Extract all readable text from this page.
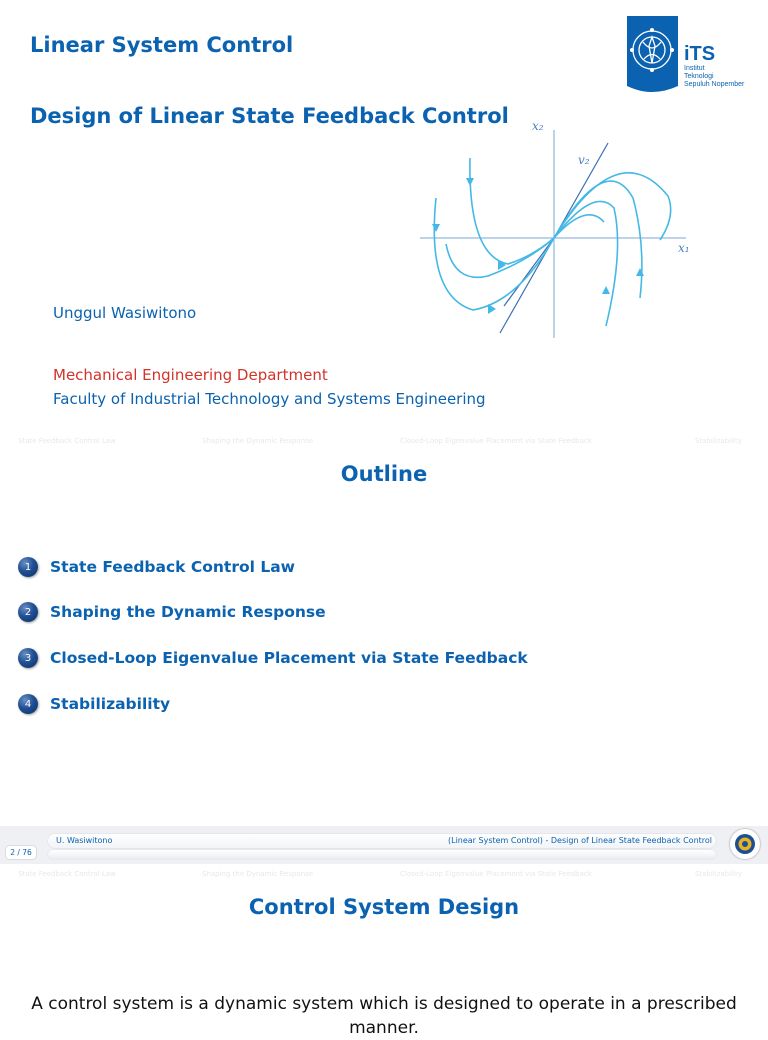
Linear System Control
Design of Linear State Feedback Control
iTS
Institut
Teknologi
Sepuluh Nopember
x₂
x₁
v₂
Unggul Wasiwitono
Mechanical Engineering Department
Faculty of Industrial Technology and Systems Engineering
State Feedback Control Law	Shaping the Dynamic Response	Closed-Loop Eigenvalue Placement via State Feedback	Stabilizability
Outline
1	State Feedback Control Law
2	Shaping the Dynamic Response
3	Closed-Loop Eigenvalue Placement via State Feedback
4	Stabilizability
U. Wasiwitono	(Linear System Control) - Design of Linear State Feedback Control
2 / 76
State Feedback Control Law	Shaping the Dynamic Response	Closed-Loop Eigenvalue Placement via State Feedback	Stabilizability
Control System Design
A control system is a dynamic system which is designed to operate in a prescribed manner.
